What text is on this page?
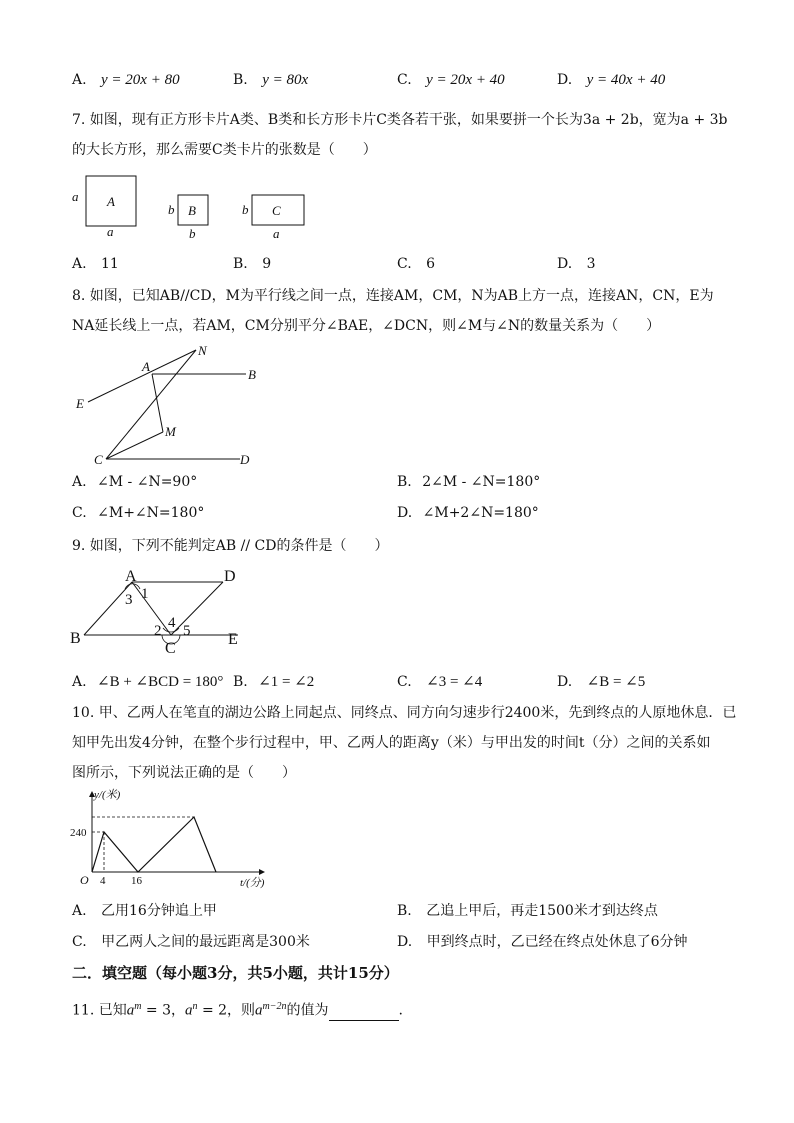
A. y = 20x + 80	B. y = 80x	C. y = 20x + 40	D. y = 40x + 40
7. 如图，现有正方形卡片A类、B类和长方形卡片C类各若干张，如果要拼一个长为3a + 2b，宽为a + 3b
的大长方形，那么需要C类卡片的张数是（　　）
A
a
a
B
b
b
C
b
a
A. 11	B. 9	C. 6	D. 3
8. 如图，已知AB//CD，M为平行线之间一点，连接AM，CM，N为AB上方一点，连接AN，CN，E为
NA延长线上一点，若AM，CM分别平分∠BAE，∠DCN，则∠M与∠N的数量关系为（　　）
A
B
N
E
M
C	D
A. ∠M - ∠N=90°	B. 2∠M - ∠N=180°
C. ∠M+∠N=180°	D. ∠M+2∠N=180°
9. 如图，下列不能判定AB // CD的条件是（　　）
A	D
B
C
E
1
2
3
4 5
A. ∠B + ∠BCD = 180° B. ∠1 = ∠2	C. ∠3 = ∠4	D. ∠B = ∠5
10. 甲、乙两人在笔直的湖边公路上同起点、同终点、同方向匀速步行2400米，先到终点的人原地休息．已
知甲先出发4分钟，在整个步行过程中，甲、乙两人的距离y（米）与甲出发的时间t（分）之间的关系如
图所示，下列说法正确的是（　　）
y/(米)
t/(分)
O
240
4 16
A. 乙用16分钟追上甲	B. 乙追上甲后，再走1500米才到达终点
C. 甲乙两人之间的最远距离是300米	D. 甲到终点时，乙已经在终点处休息了6分钟
二．填空题（每小题3分，共5小题，共计15分）
11. 已知$a^m = 3$，$a^n = 2$，则$a^{m-2n}$的值为	.
